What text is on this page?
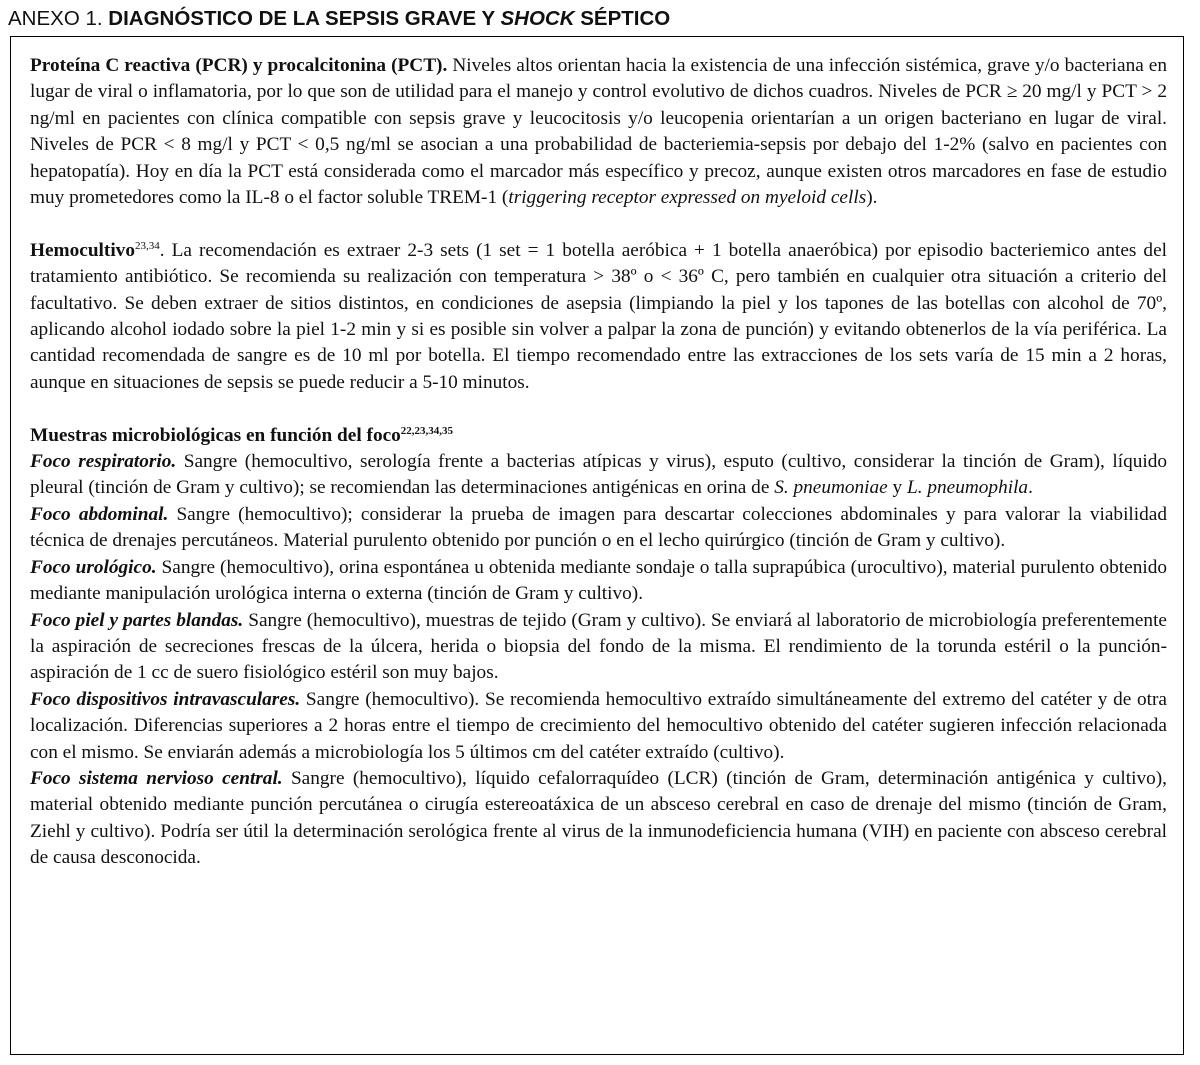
ANEXO 1. DIAGNÓSTICO DE LA SEPSIS GRAVE Y SHOCK SÉPTICO

Proteína C reactiva (PCR) y procalcitonina (PCT). Niveles altos orientan hacia la existencia de una infección sistémica, grave y/o bacteriana en lugar de viral o inflamatoria, por lo que son de utilidad para el manejo y control evolutivo de dichos cuadros. Niveles de PCR ≥ 20 mg/l y PCT > 2 ng/ml en pacientes con clínica compatible con sepsis grave y leucocitosis y/o leucopenia orientarían a un origen bacteriano en lugar de viral. Niveles de PCR < 8 mg/l y PCT < 0,5 ng/ml se asocian a una probabilidad de bacteriemia-sepsis por debajo del 1-2% (salvo en pacientes con hepatopatía). Hoy en día la PCT está considerada como el marcador más específico y precoz, aunque existen otros marcadores en fase de estudio muy prometedores como la IL-8 o el factor soluble TREM-1 (triggering receptor expressed on myeloid cells).

Hemocultivo$^{23,34}$. La recomendación es extraer 2-3 sets (1 set = 1 botella aeróbica + 1 botella anaeróbica) por episodio bacteriemico antes del tratamiento antibiótico. Se recomienda su realización con temperatura > 38º o < 36º C, pero también en cualquier otra situación a criterio del facultativo. Se deben extraer de sitios distintos, en condiciones de asepsia (limpiando la piel y los tapones de las botellas con alcohol de 70º, aplicando alcohol iodado sobre la piel 1-2 min y si es posible sin volver a palpar la zona de punción) y evitando obtenerlos de la vía periférica. La cantidad recomendada de sangre es de 10 ml por botella. El tiempo recomendado entre las extracciones de los sets varía de 15 min a 2 horas, aunque en situaciones de sepsis se puede reducir a 5-10 minutos.

Muestras microbiológicas en función del foco$^{22,23,34,35}$

Foco respiratorio. Sangre (hemocultivo, serología frente a bacterias atípicas y virus), esputo (cultivo, considerar la tinción de Gram), líquido pleural (tinción de Gram y cultivo); se recomiendan las determinaciones antigénicas en orina de S. pneumoniae y L. pneumophila.

Foco abdominal. Sangre (hemocultivo); considerar la prueba de imagen para descartar colecciones abdominales y para valorar la viabilidad técnica de drenajes percutáneos. Material purulento obtenido por punción o en el lecho quirúrgico (tinción de Gram y cultivo).

Foco urológico. Sangre (hemocultivo), orina espontánea u obtenida mediante sondaje o talla suprapúbica (urocultivo), material purulento obtenido mediante manipulación urológica interna o externa (tinción de Gram y cultivo).

Foco piel y partes blandas. Sangre (hemocultivo), muestras de tejido (Gram y cultivo). Se enviará al laboratorio de microbiología preferentemente la aspiración de secreciones frescas de la úlcera, herida o biopsia del fondo de la misma. El rendimiento de la torunda estéril o la punción-aspiración de 1 cc de suero fisiológico estéril son muy bajos.

Foco dispositivos intravasculares. Sangre (hemocultivo). Se recomienda hemocultivo extraído simultáneamente del extremo del catéter y de otra localización. Diferencias superiores a 2 horas entre el tiempo de crecimiento del hemocultivo obtenido del catéter sugieren infección relacionada con el mismo. Se enviarán además a microbiología los 5 últimos cm del catéter extraído (cultivo).

Foco sistema nervioso central. Sangre (hemocultivo), líquido cefalorraquídeo (LCR) (tinción de Gram, determinación antigénica y cultivo), material obtenido mediante punción percutánea o cirugía estereoatáxica de un absceso cerebral en caso de drenaje del mismo (tinción de Gram, Ziehl y cultivo). Podría ser útil la determinación serológica frente al virus de la inmunodeficiencia humana (VIH) en paciente con absceso cerebral de causa desconocida.
